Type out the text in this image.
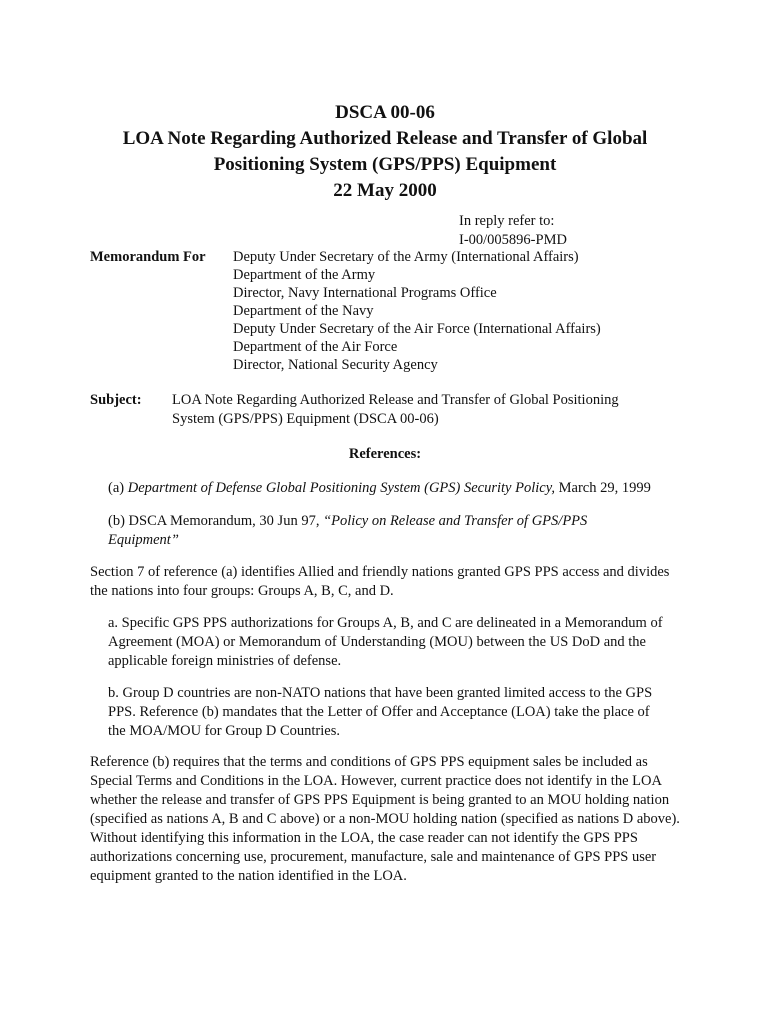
DSCA 00-06

LOA Note Regarding Authorized Release and Transfer of Global

Positioning System (GPS/PPS) Equipment

22 May 2000

In reply refer to:
I-00/005896-PMD
Memorandum For Deputy Under Secretary of the Army (International Affairs)
Department of the Army
Director, Navy International Programs Office
Department of the Navy
Deputy Under Secretary of the Air Force (International Affairs)
Department of the Air Force
Director, National Security Agency
Subject: LOA Note Regarding Authorized Release and Transfer of Global Positioning System (GPS/PPS) Equipment (DSCA 00-06)
References:

(a) Department of Defense Global Positioning System (GPS) Security Policy, March 29, 1999

(b) DSCA Memorandum, 30 Jun 97, “Policy on Release and Transfer of GPS/PPS Equipment”

Section 7 of reference (a) identifies Allied and friendly nations granted GPS PPS access and divides the nations into four groups: Groups A, B, C, and D.

a. Specific GPS PPS authorizations for Groups A, B, and C are delineated in a Memorandum of Agreement (MOA) or Memorandum of Understanding (MOU) between the US DoD and the applicable foreign ministries of defense.

b. Group D countries are non-NATO nations that have been granted limited access to the GPS PPS. Reference (b) mandates that the Letter of Offer and Acceptance (LOA) take the place of the MOA/MOU for Group D Countries.

Reference (b) requires that the terms and conditions of GPS PPS equipment sales be included as Special Terms and Conditions in the LOA. However, current practice does not identify in the LOA whether the release and transfer of GPS PPS Equipment is being granted to an MOU holding nation (specified as nations A, B and C above) or a non-MOU holding nation (specified as nations D above). Without identifying this information in the LOA, the case reader can not identify the GPS PPS authorizations concerning use, procurement, manufacture, sale and maintenance of GPS PPS user equipment granted to the nation identified in the LOA.
